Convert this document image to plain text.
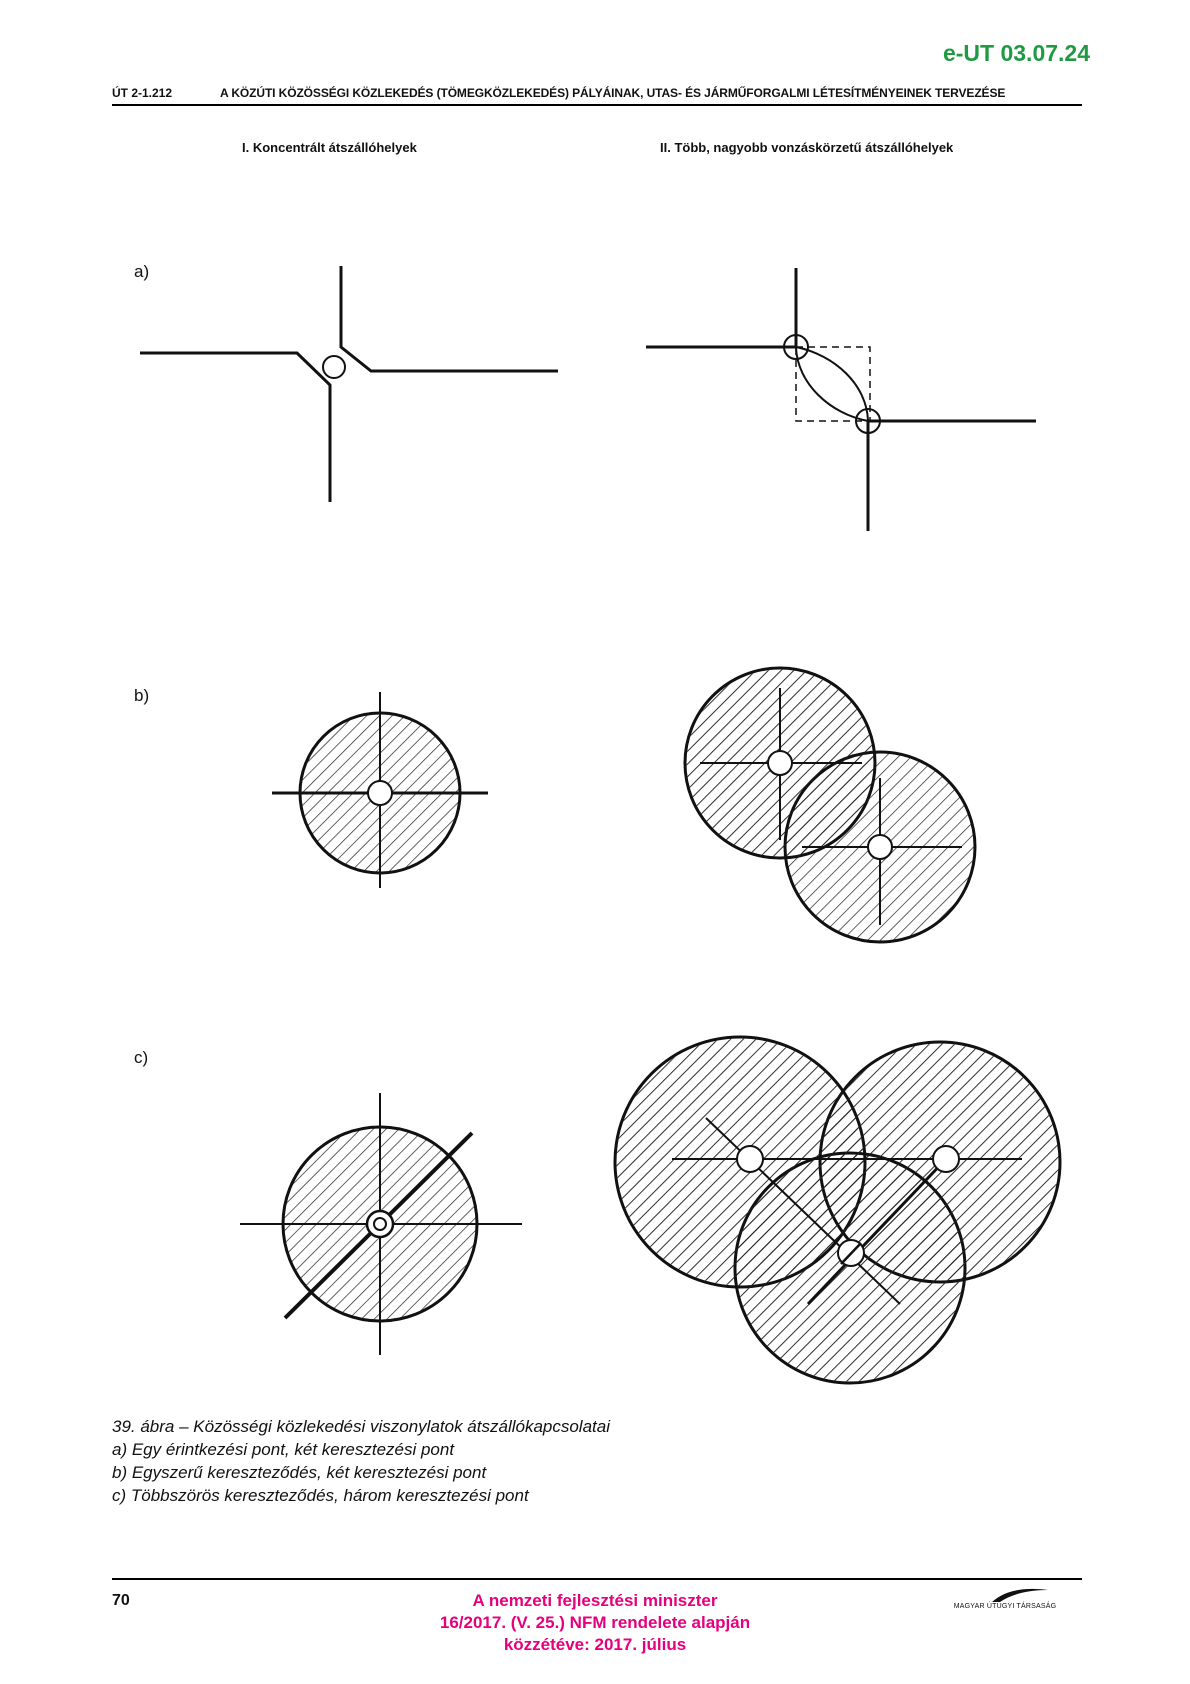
e-UT 03.07.24
ÚT 2-1.212	A KÖZÚTI KÖZÖSSÉGI KÖZLEKEDÉS (TÖMEGKÖZLEKEDÉS) PÁLYÁINAK, UTAS- ÉS JÁRMŰFORGALMI LÉTESÍTMÉNYEINEK TERVEZÉSE
I. Koncentrált átszállóhelyek	II. Több, nagyobb vonzáskörzetű átszállóhelyek
a)
b)
c)
39. ábra – Közösségi közlekedési viszonylatok átszállókapcsolatai
a) Egy érintkezési pont, két keresztezési pont
b) Egyszerű kereszteződés, két keresztezési pont
c) Többszörös kereszteződés, három keresztezési pont
70	A nemzeti fejlesztési miniszter
16/2017. (V. 25.) NFM rendelete alapján
közzétéve: 2017. július
MAGYAR ÚTÜGYI TÁRSASÁG
